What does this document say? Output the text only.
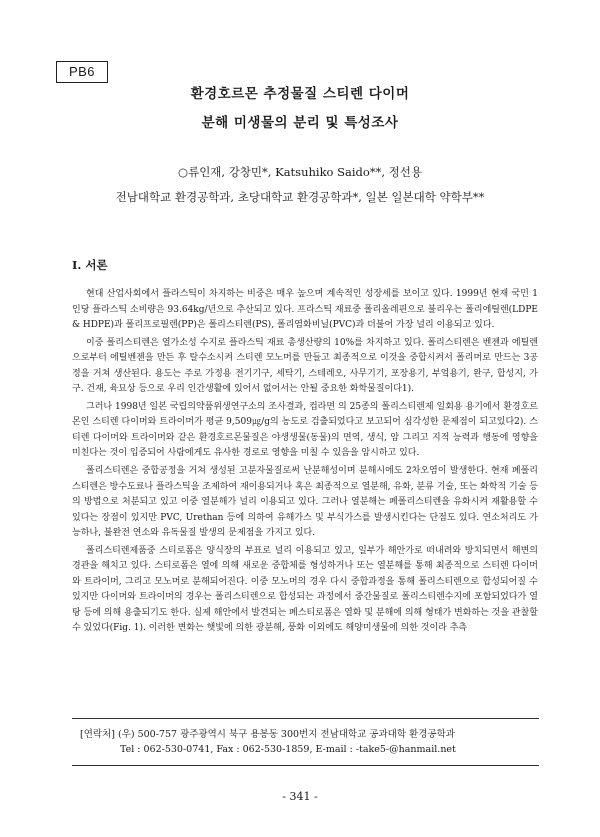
PB6
환경호르몬 추정물질 스티렌 다이머
분해 미생물의 분리 및 특성조사
○류인재, 강창민*, Katsuhiko Saido**, 정선용
전남대학교 환경공학과, 초당대학교 환경공학과*, 일본 일본대학 약학부**
I. 서론

현대 산업사회에서 플라스틱이 차지하는 비중은 매우 높으며 계속적인 성장세를 보이고 있다. 1999년 현재 국민 1인당 플라스틱 소비량은 93.64kg/년으로 추산되고 있다. 프라스틱 재료중 폴리올레핀으로 불리우는 폴리에틸렌(LDPE & HDPE)과 폴리프로필렌(PP)은 폴리스티렌(PS), 폴리염화비닐(PVC)과 더불어 가장 널리 이용되고 있다.

이중 폴리스티렌은 열가소성 수지로 플라스틱 재료 총생산량의 10%를 차지하고 있다. 폴리스티렌은 벤젠과 에틸렌으로부터 에틸벤젠을 만든 후 탈수소시켜 스티렌 모노머를 만들고 최종적으로 이것을 중합시켜서 폴리머로 만드는 3공정을 거쳐 생산된다. 용도는 주로 가정용 전기기구, 세탁기, 스테레오, 사무기기, 포장용기, 부엌용기, 완구, 합성지, 가구. 건재, 육묘상 등으로 우리 인간생활에 있어서 없어서는 안될 중요한 화학물질이다1).

그러나 1998년 일본 국립의약품위생연구소의 조사결과, 컵라면 의 25종의 폴리스티렌제 일회용 용기에서 환경호르몬인 스티렌 다이머와 트라이머가 평균 9,509㎍/g의 농도로 검출되었다고 보고되어 심각성한 문제점이 되고있다2). 스티렌 다이머와 트라이머와 같은 환경호르몬물질은 야생생물(동물)의 면역, 생식, 암 그리고 지적 능력과 행동에 영향을 미친다는 것이 입증되어 사람에게도 유사한 경로로 영향을 미칠 수 있음을 암시하고 있다.

폴리스티렌은 중합공정을 거쳐 생성된 고분자물질로써 난분해성이며 분해시에도 2차오염이 발생한다. 현재 폐폴리스티렌은 방수도료나 플라스틱을 조제하여 재이용되거나 혹은 최종적으로 열분해, 유화, 분류 기술, 또는 화학적 기술 등의 방법으로 처분되고 있고 이중 열분해가 널리 이용되고 있다. 그러나 열분해는 폐폴리스티렌을 유화시켜 재활용할 수 있다는 장점이 있지만 PVC, Urethan 등에 의하여 유해가스 및 부식가스를 발생시킨다는 단점도 있다. 연소처리도 가능하나, 불완전 연소와 유독물질 발생의 문제점을 가지고 있다.

폴리스티렌제품중 스티로폼은 양식장의 부표로 널리 이용되고 있고, 일부가 해안가로 떠내려와 방치되면서 해변의 경관을 해치고 있다. 스티로폼은 열에 의해 새로운 중합체를 형성하거나 또는 열분해를 통해 최종적으로 스티렌 다이머와 트라이머, 그리고 모노머로 분해되어진다. 이중 모노머의 경우 다시 중합과정을 통해 폴리스티렌으로 합성되어질 수 있지만 다이머와 트라이머의 경우는 폴리스티렌으로 합성되는 과정에서 중간물질로 폴리스티렌수지에 포함되었다가 열탕 등에 의해 용출되기도 한다. 실제 해안에서 발견되는 폐스티로폼은 열화 및 분해에 의해 형태가 변화하는 것을 관찰할 수 있었다(Fig. 1). 이러한 변화는 햇빛에 의한 광분해, 풍화 이외에도 해양미생물에 의한 것이라 추측

[연락처] (우) 500-757 광주광역시 북구 용봉동 300번지 전남대학교 공과대학 환경공학과
Tel : 062-530-0741, Fax : 062-530-1859, E-mail : -take5-@hanmail.net
- 341 -
